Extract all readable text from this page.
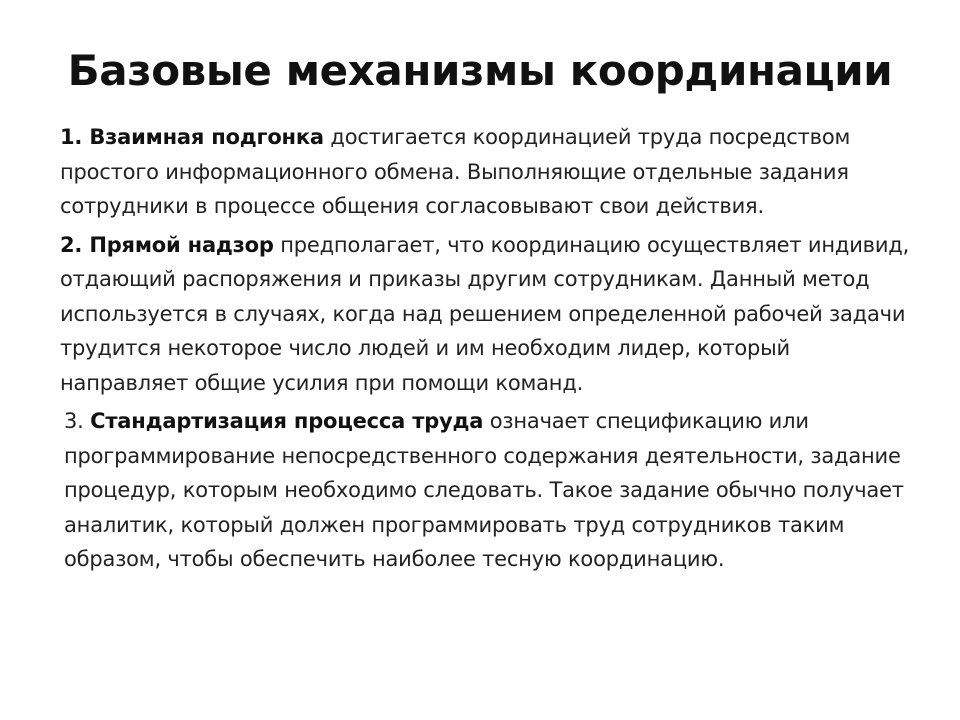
Базовые механизмы координации

1. Взаимная подгонка достигается координацией труда посредством простого информационного обмена. Выполняющие отдельные задания сотрудники в процессе общения согласовывают свои действия.

2. Прямой надзор предполагает, что координацию осуществляет индивид, отдающий распоряжения и приказы другим сотрудникам. Данный метод используется в случаях, когда над решением определенной рабочей задачи трудится некоторое число людей и им необходим лидер, который направляет общие усилия при помощи команд.

3. Стандартизация процесса труда означает спецификацию или программирование непосредственного содержания деятельности, задание процедур, которым необходимо следовать. Такое задание обычно получает аналитик, который должен программировать труд сотрудников таким образом, чтобы обеспечить наиболее тесную координацию.
